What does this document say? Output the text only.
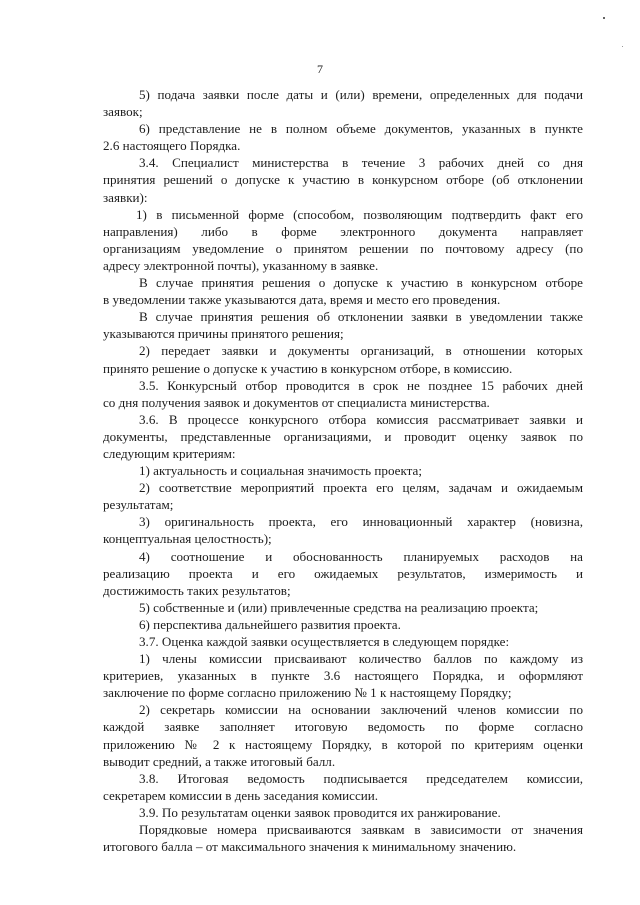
7
5) подача заявки после даты и (или) времени, определенных для подачи
заявок;
6) представление не в полном объеме документов, указанных в пункте
2.6 настоящего Порядка.
3.4. Специалист министерства в течение 3 рабочих дней со дня
принятия решений о допуске к участию в конкурсном отборе (об отклонении
заявки):
1) в письменной форме (способом, позволяющим подтвердить факт его
направления) либо в форме электронного документа направляет
организациям уведомление о принятом решении по почтовому адресу (по
адресу электронной почты), указанному в заявке.
В случае принятия решения о допуске к участию в конкурсном отборе
в уведомлении также указываются дата, время и место его проведения.
В случае принятия решения об отклонении заявки в уведомлении также
указываются причины принятого решения;
2) передает заявки и документы организаций, в отношении которых
принято решение о допуске к участию в конкурсном отборе, в комиссию.
3.5. Конкурсный отбор проводится в срок не позднее 15 рабочих дней
со дня получения заявок и документов от специалиста министерства.
3.6. В процессе конкурсного отбора комиссия рассматривает заявки и
документы, представленные организациями, и проводит оценку заявок по
следующим критериям:
1) актуальность и социальная значимость проекта;
2) соответствие мероприятий проекта его целям, задачам и ожидаемым
результатам;
3) оригинальность проекта, его инновационный характер (новизна,
концептуальная целостность);
4) соотношение и обоснованность планируемых расходов на
реализацию проекта и его ожидаемых результатов, измеримость и
достижимость таких результатов;
5) собственные и (или) привлеченные средства на реализацию проекта;
6) перспектива дальнейшего развития проекта.
3.7. Оценка каждой заявки осуществляется в следующем порядке:
1) члены комиссии присваивают количество баллов по каждому из
критериев, указанных в пункте 3.6 настоящего Порядка, и оформляют
заключение по форме согласно приложению № 1 к настоящему Порядку;
2) секретарь комиссии на основании заключений членов комиссии по
каждой заявке заполняет итоговую ведомость по форме согласно
приложению № 2 к настоящему Порядку, в которой по критериям оценки
выводит средний, а также итоговый балл.
3.8. Итоговая ведомость подписывается председателем комиссии,
секретарем комиссии в день заседания комиссии.
3.9. По результатам оценки заявок проводится их ранжирование.
Порядковые номера присваиваются заявкам в зависимости от значения
итогового балла – от максимального значения к минимальному значению.
